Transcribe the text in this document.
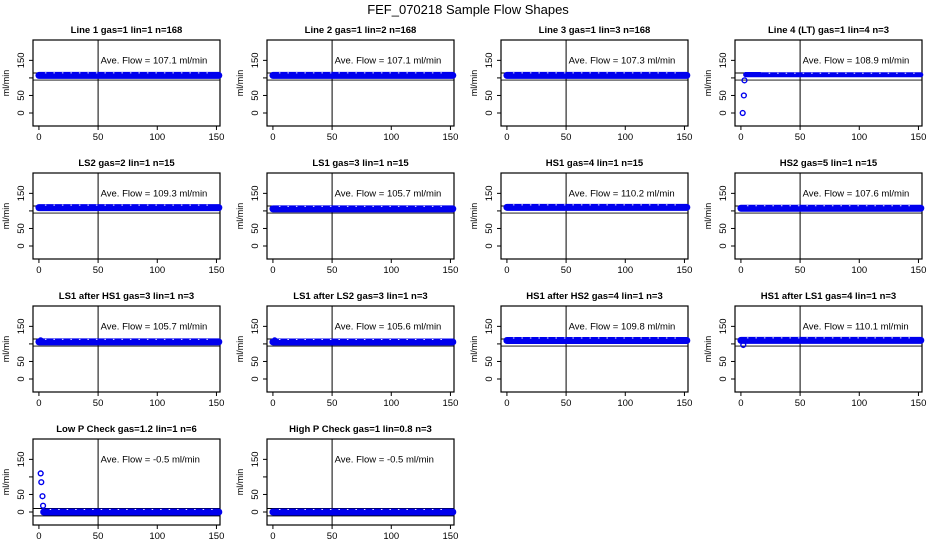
FEF_070218 Sample Flow Shapes
Line 1 gas=1 lin=1 n=168
0	50	100	150
0
50
150
ml/min
Ave. Flow = 107.1 ml/min
Line 2 gas=1 lin=2 n=168
0	50	100	150
0
50
150
ml/min
Ave. Flow = 107.1 ml/min
Line 3 gas=1 lin=3 n=168
0	50	100	150
0
50
150
ml/min
Ave. Flow = 107.3 ml/min
Line 4 (LT) gas=1 lin=4 n=3
0	50	100	150
0
50
150
ml/min
Ave. Flow = 108.9 ml/min
LS2 gas=2 lin=1 n=15
0	50	100	150
0
50
150
ml/min
Ave. Flow = 109.3 ml/min
LS1 gas=3 lin=1 n=15
0	50	100	150
0
50
150
ml/min
Ave. Flow = 105.7 ml/min
HS1 gas=4 lin=1 n=15
0	50	100	150
0
50
150
ml/min
Ave. Flow = 110.2 ml/min
HS2 gas=5 lin=1 n=15
0	50	100	150
0
50
150
ml/min
Ave. Flow = 107.6 ml/min
LS1 after HS1 gas=3 lin=1 n=3
0	50	100	150
0
50
150
ml/min
Ave. Flow = 105.7 ml/min
LS1 after LS2 gas=3 lin=1 n=3
0	50	100	150
0
50
150
ml/min
Ave. Flow = 105.6 ml/min
HS1 after HS2 gas=4 lin=1 n=3
0	50	100	150
0
50
150
ml/min
Ave. Flow = 109.8 ml/min
HS1 after LS1 gas=4 lin=1 n=3
0	50	100	150
0
50
150
ml/min
Ave. Flow = 110.1 ml/min
Low P Check gas=1.2 lin=1 n=6
0	50	100	150
0
50
150
ml/min
Ave. Flow = -0.5 ml/min
High P Check gas=1 lin=0.8 n=3
0	50	100	150
0
50
150
ml/min
Ave. Flow = -0.5 ml/min
